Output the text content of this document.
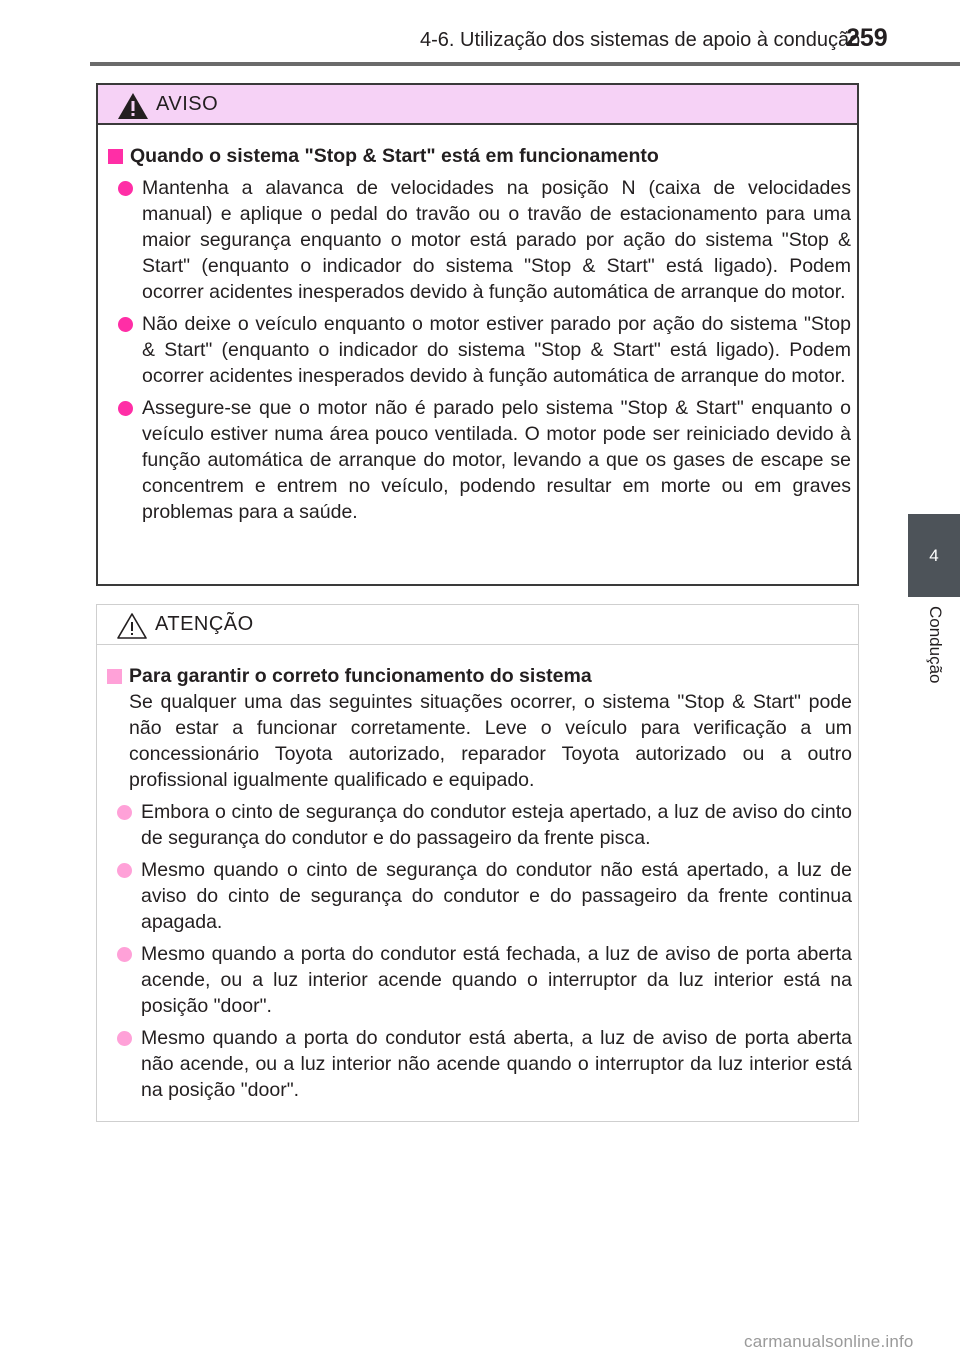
4-6. Utilização dos sistemas de apoio à condução
259
4
Condução
AVISO
Quando o sistema "Stop & Start" está em funcionamento
Mantenha a alavanca de velocidades na posição N (caixa de velocidades manual) e aplique o pedal do travão ou o travão de estacionamento para uma maior segurança enquanto o motor está parado por ação do sistema "Stop & Start" (enquanto o indicador do sistema "Stop & Start" está ligado). Podem ocorrer acidentes inesperados devido à função automática de arranque do motor.
Não deixe o veículo enquanto o motor estiver parado por ação do sistema "Stop & Start" (enquanto o indicador do sistema "Stop & Start" está ligado). Podem ocorrer acidentes inesperados devido à função automática de arranque do motor.
Assegure-se que o motor não é parado pelo sistema "Stop & Start" enquanto o veículo estiver numa área pouco ventilada. O motor pode ser reiniciado devido à função automática de arranque do motor, levando a que os gases de escape se concentrem e entrem no veículo, podendo resultar em morte ou em graves problemas para a saúde.
ATENÇÃO
Para garantir o correto funcionamento do sistema

Se qualquer uma das seguintes situações ocorrer, o sistema "Stop & Start" pode não estar a funcionar corretamente. Leve o veículo para verificação a um concessionário Toyota autorizado, reparador Toyota autorizado ou a outro profissional igualmente qualificado e equipado.

Embora o cinto de segurança do condutor esteja apertado, a luz de aviso do cinto de segurança do condutor e do passageiro da frente pisca.
Mesmo quando o cinto de segurança do condutor não está apertado, a luz de aviso do cinto de segurança do condutor e do passageiro da frente continua apagada.
Mesmo quando a porta do condutor está fechada, a luz de aviso de porta aberta acende, ou a luz interior acende quando o interruptor da luz interior está na posição "door".
Mesmo quando a porta do condutor está aberta, a luz de aviso de porta aberta não acende, ou a luz interior não acende quando o interruptor da luz interior está na posição "door".
carmanualsonline.info
